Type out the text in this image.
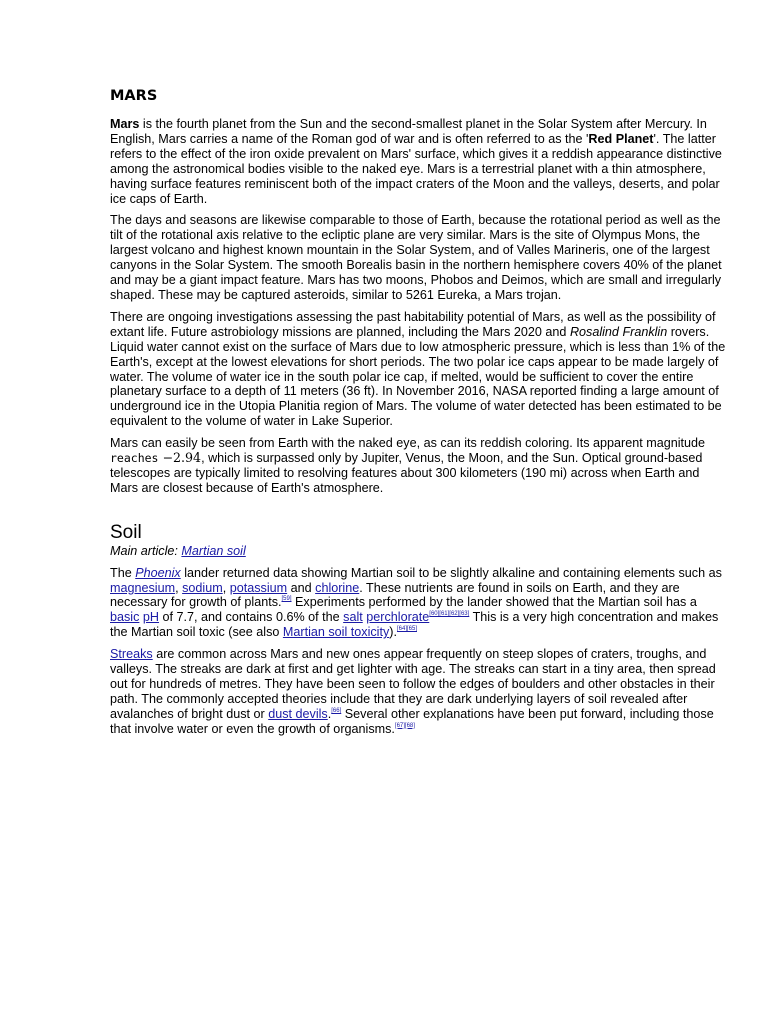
MARS

Mars is the fourth planet from the Sun and the second-smallest planet in the Solar System after Mercury. In English, Mars carries a name of the Roman god of war and is often referred to as the 'Red Planet'. The latter refers to the effect of the iron oxide prevalent on Mars' surface, which gives it a reddish appearance distinctive among the astronomical bodies visible to the naked eye. Mars is a terrestrial planet with a thin atmosphere, having surface features reminiscent both of the impact craters of the Moon and the valleys, deserts, and polar ice caps of Earth.

The days and seasons are likewise comparable to those of Earth, because the rotational period as well as the tilt of the rotational axis relative to the ecliptic plane are very similar. Mars is the site of Olympus Mons, the largest volcano and highest known mountain in the Solar System, and of Valles Marineris, one of the largest canyons in the Solar System. The smooth Borealis basin in the northern hemisphere covers 40% of the planet and may be a giant impact feature. Mars has two moons, Phobos and Deimos, which are small and irregularly shaped. These may be captured asteroids, similar to 5261 Eureka, a Mars trojan.

There are ongoing investigations assessing the past habitability potential of Mars, as well as the possibility of extant life. Future astrobiology missions are planned, including the Mars 2020 and Rosalind Franklin rovers. Liquid water cannot exist on the surface of Mars due to low atmospheric pressure, which is less than 1% of the Earth's, except at the lowest elevations for short periods. The two polar ice caps appear to be made largely of water. The volume of water ice in the south polar ice cap, if melted, would be sufficient to cover the entire planetary surface to a depth of 11 meters (36 ft). In November 2016, NASA reported finding a large amount of underground ice in the Utopia Planitia region of Mars. The volume of water detected has been estimated to be equivalent to the volume of water in Lake Superior.

Mars can easily be seen from Earth with the naked eye, as can its reddish coloring. Its apparent magnitude reaches −2.94, which is surpassed only by Jupiter, Venus, the Moon, and the Sun. Optical ground-based telescopes are typically limited to resolving features about 300 kilometers (190 mi) across when Earth and Mars are closest because of Earth's atmosphere.

Soil
Main article: Martian soil

The Phoenix lander returned data showing Martian soil to be slightly alkaline and containing elements such as magnesium, sodium, potassium and chlorine. These nutrients are found in soils on Earth, and they are necessary for growth of plants.[59] Experiments performed by the lander showed that the Martian soil has a basic pH of 7.7, and contains 0.6% of the salt perchlorate[60][61][62][63] This is a very high concentration and makes the Martian soil toxic (see also Martian soil toxicity).[64][65]

Streaks are common across Mars and new ones appear frequently on steep slopes of craters, troughs, and valleys. The streaks are dark at first and get lighter with age. The streaks can start in a tiny area, then spread out for hundreds of metres. They have been seen to follow the edges of boulders and other obstacles in their path. The commonly accepted theories include that they are dark underlying layers of soil revealed after avalanches of bright dust or dust devils.[66] Several other explanations have been put forward, including those that involve water or even the growth of organisms.[67][68]
